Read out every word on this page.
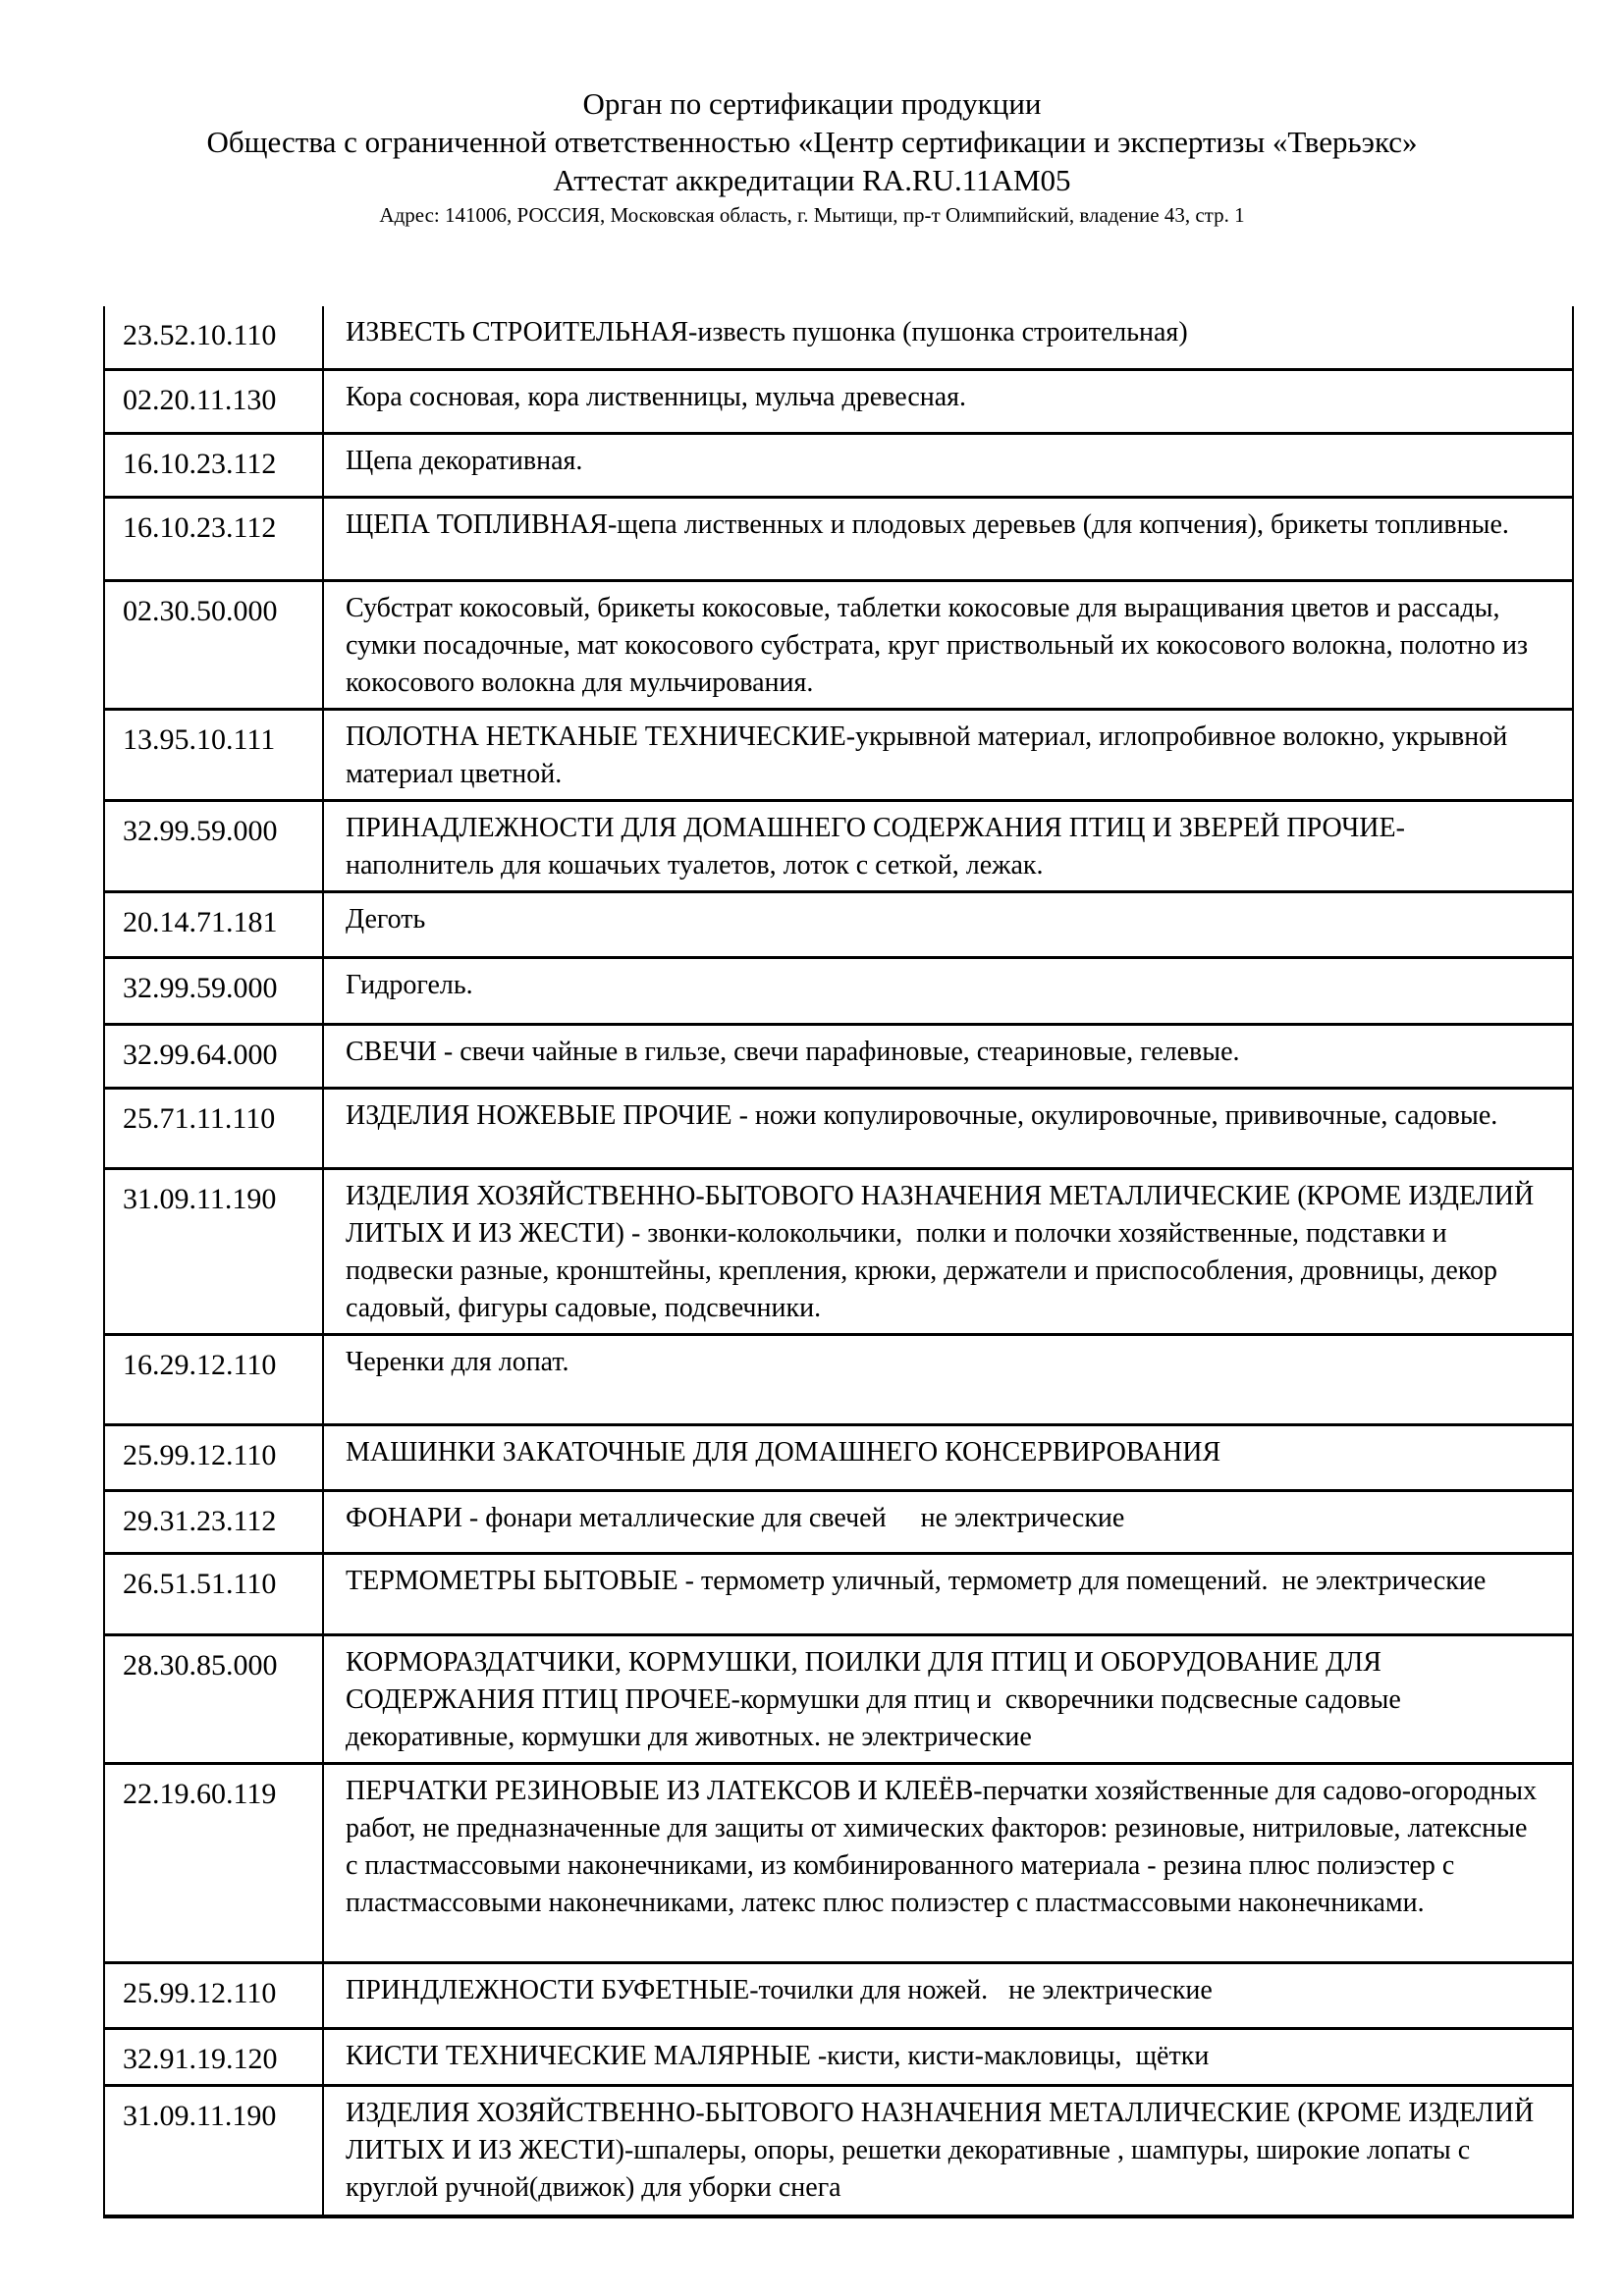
Орган по сертификации продукции
Общества с ограниченной ответственностью «Центр сертификации и экспертизы «Тверьэкс»
Аттестат аккредитации RA.RU.11АМ05
Адрес: 141006, РОССИЯ, Московская область, г. Мытищи, пр-т Олимпийский, владение 43, стр. 1
23.52.10.110	ИЗВЕСТЬ СТРОИТЕЛЬНАЯ-известь пушонка (пушонка строительная)
02.20.11.130	Кора сосновая, кора лиственницы, мульча древесная.
16.10.23.112	Щепа декоративная.
16.10.23.112	ЩЕПА ТОПЛИВНАЯ-щепа лиственных и плодовых деревьев (для копчения), брикеты топливные.
02.30.50.000	Субстрат кокосовый, брикеты кокосовые, таблетки кокосовые для выращивания цветов и рассады, сумки посадочные, мат кокосового субстрата, круг приствольный их кокосового волокна, полотно из кокосового волокна для мульчирования.
13.95.10.111	ПОЛОТНА НЕТКАНЫЕ ТЕХНИЧЕСКИЕ-укрывной материал, иглопробивное волокно, укрывной материал цветной.
32.99.59.000	ПРИНАДЛЕЖНОСТИ ДЛЯ ДОМАШНЕГО СОДЕРЖАНИЯ ПТИЦ И ЗВЕРЕЙ ПРОЧИЕ-наполнитель для кошачьих туалетов, лоток с сеткой, лежак.
20.14.71.181	Деготь
32.99.59.000	Гидрогель.
32.99.64.000	СВЕЧИ - свечи чайные в гильзе, свечи парафиновые, стеариновые, гелевые.
25.71.11.110	ИЗДЕЛИЯ НОЖЕВЫЕ ПРОЧИЕ - ножи копулировочные, окулировочные, прививочные, садовые.
31.09.11.190	ИЗДЕЛИЯ ХОЗЯЙСТВЕННО-БЫТОВОГО НАЗНАЧЕНИЯ МЕТАЛЛИЧЕСКИЕ (КРОМЕ ИЗДЕЛИЙ ЛИТЫХ И ИЗ ЖЕСТИ) - звонки-колокольчики,  полки и полочки хозяйственные, подставки и подвески разные, кронштейны, крепления, крюки, держатели и приспособления, дровницы, декор садовый, фигуры садовые, подсвечники.
16.29.12.110	Черенки для лопат.
25.99.12.110	МАШИНКИ ЗАКАТОЧНЫЕ ДЛЯ ДОМАШНЕГО КОНСЕРВИРОВАНИЯ
29.31.23.112	ФОНАРИ - фонари металлические для свечей     не электрические
26.51.51.110	ТЕРМОМЕТРЫ БЫТОВЫЕ - термометр уличный, термометр для помещений.  не электрические
28.30.85.000	КОРМОРАЗДАТЧИКИ, КОРМУШКИ, ПОИЛКИ ДЛЯ ПТИЦ И ОБОРУДОВАНИЕ ДЛЯ СОДЕРЖАНИЯ ПТИЦ ПРОЧЕЕ-кормушки для птиц и  скворечники подсвесные садовые декоративные, кормушки для животных. не электрические
22.19.60.119	ПЕРЧАТКИ РЕЗИНОВЫЕ ИЗ ЛАТЕКСОВ И КЛЕЁВ-перчатки хозяйственные для садово-огородных работ, не предназначенные для защиты от химических факторов: резиновые, нитриловые, латексные с пластмассовыми наконечниками, из комбинированного материала - резина плюс полиэстер с пластмассовыми наконечниками, латекс плюс полиэстер с пластмассовыми наконечниками.
25.99.12.110	ПРИНДЛЕЖНОСТИ БУФЕТНЫЕ-точилки для ножей.   не электрические
32.91.19.120	КИСТИ ТЕХНИЧЕСКИЕ МАЛЯРНЫЕ -кисти, кисти-макловицы,  щётки
31.09.11.190	ИЗДЕЛИЯ ХОЗЯЙСТВЕННО-БЫТОВОГО НАЗНАЧЕНИЯ МЕТАЛЛИЧЕСКИЕ (КРОМЕ ИЗДЕЛИЙ ЛИТЫХ И ИЗ ЖЕСТИ)-шпалеры, опоры, решетки декоративные , шампуры, широкие лопаты с круглой ручной(движок) для уборки снега
